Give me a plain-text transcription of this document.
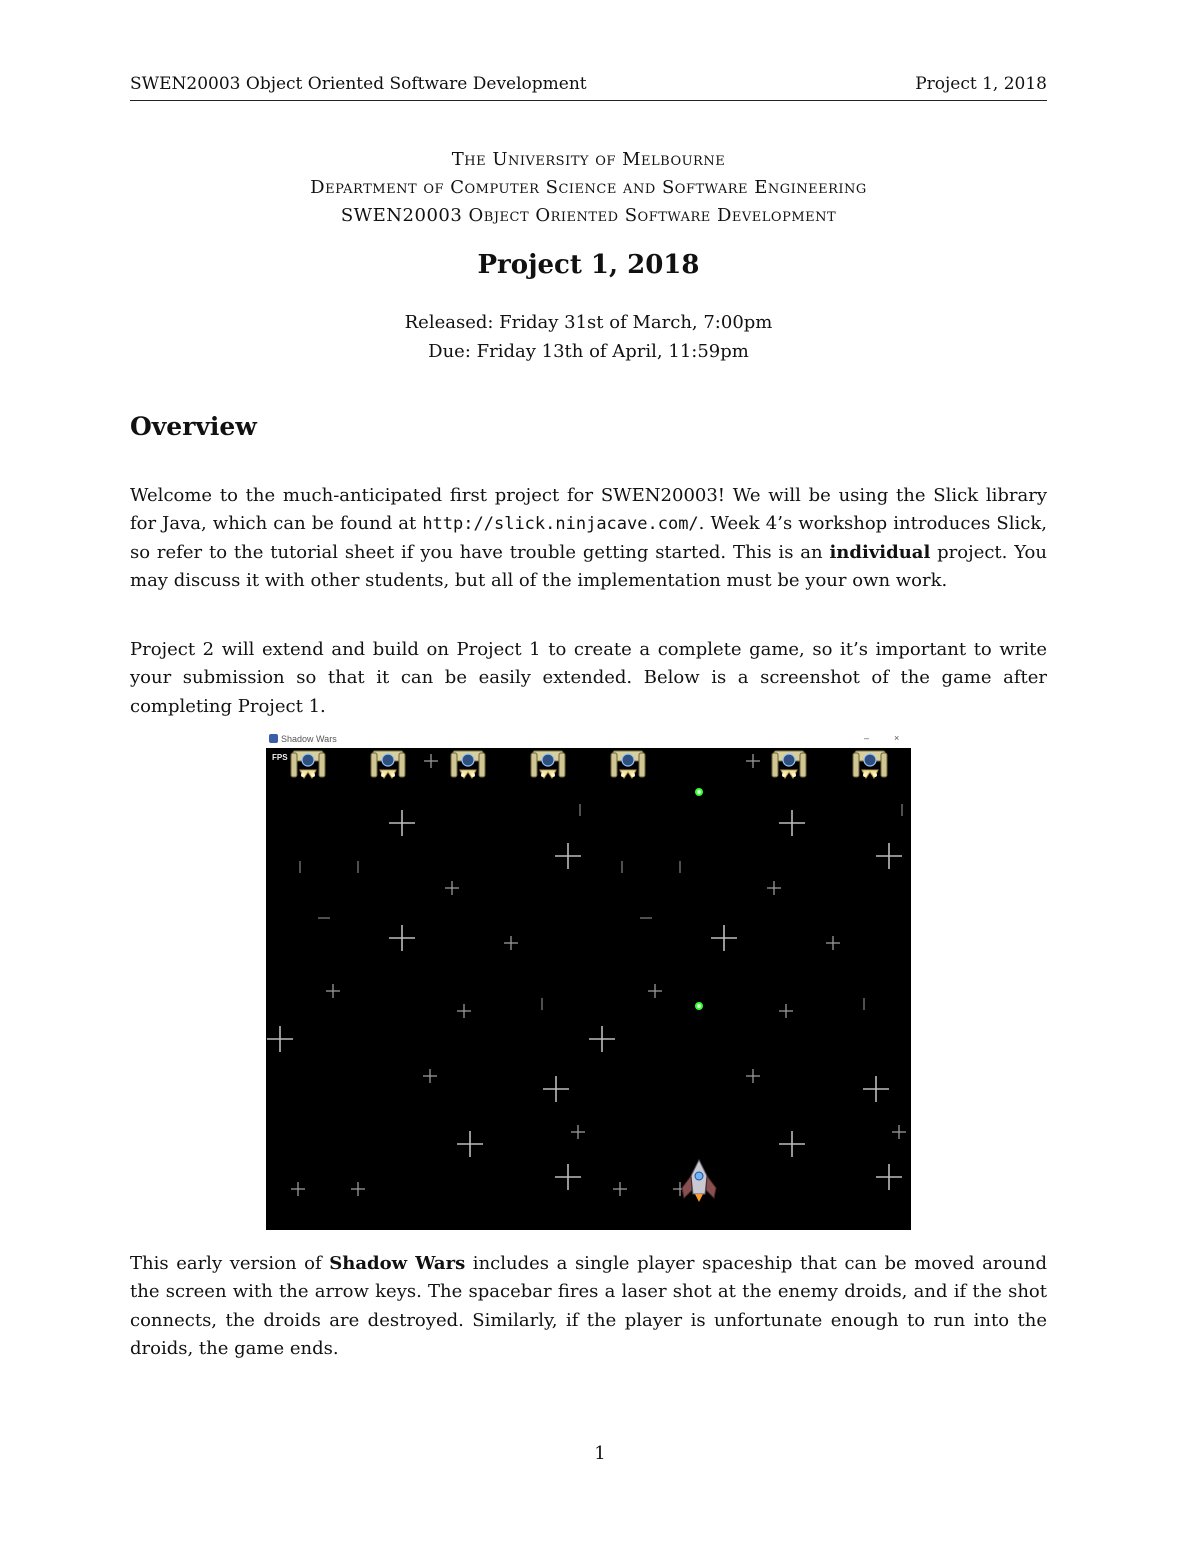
SWEN20003 Object Oriented Software Development	Project 1, 2018
The University of Melbourne
Department of Computer Science and Software Engineering
SWEN20003 Object Oriented Software Development
Project 1, 2018
Released: Friday 31st of March, 7:00pm
Due: Friday 13th of April, 11:59pm
Overview
Welcome to the much-anticipated first project for SWEN20003! We will be using the Slick library for Java, which can be found at http://slick.ninjacave.com/. Week 4’s workshop introduces Slick, so refer to the tutorial sheet if you have trouble getting started. This is an individual project. You may discuss it with other students, but all of the implementation must be your own work.
Project 2 will extend and build on Project 1 to create a complete game, so it’s important to write your submission so that it can be easily extended. Below is a screenshot of the game after completing Project 1.
Shadow Wars	–	×
FPS
This early version of Shadow Wars includes a single player spaceship that can be moved around the screen with the arrow keys. The spacebar fires a laser shot at the enemy droids, and if the shot connects, the droids are destroyed. Similarly, if the player is unfortunate enough to run into the droids, the game ends.
1
